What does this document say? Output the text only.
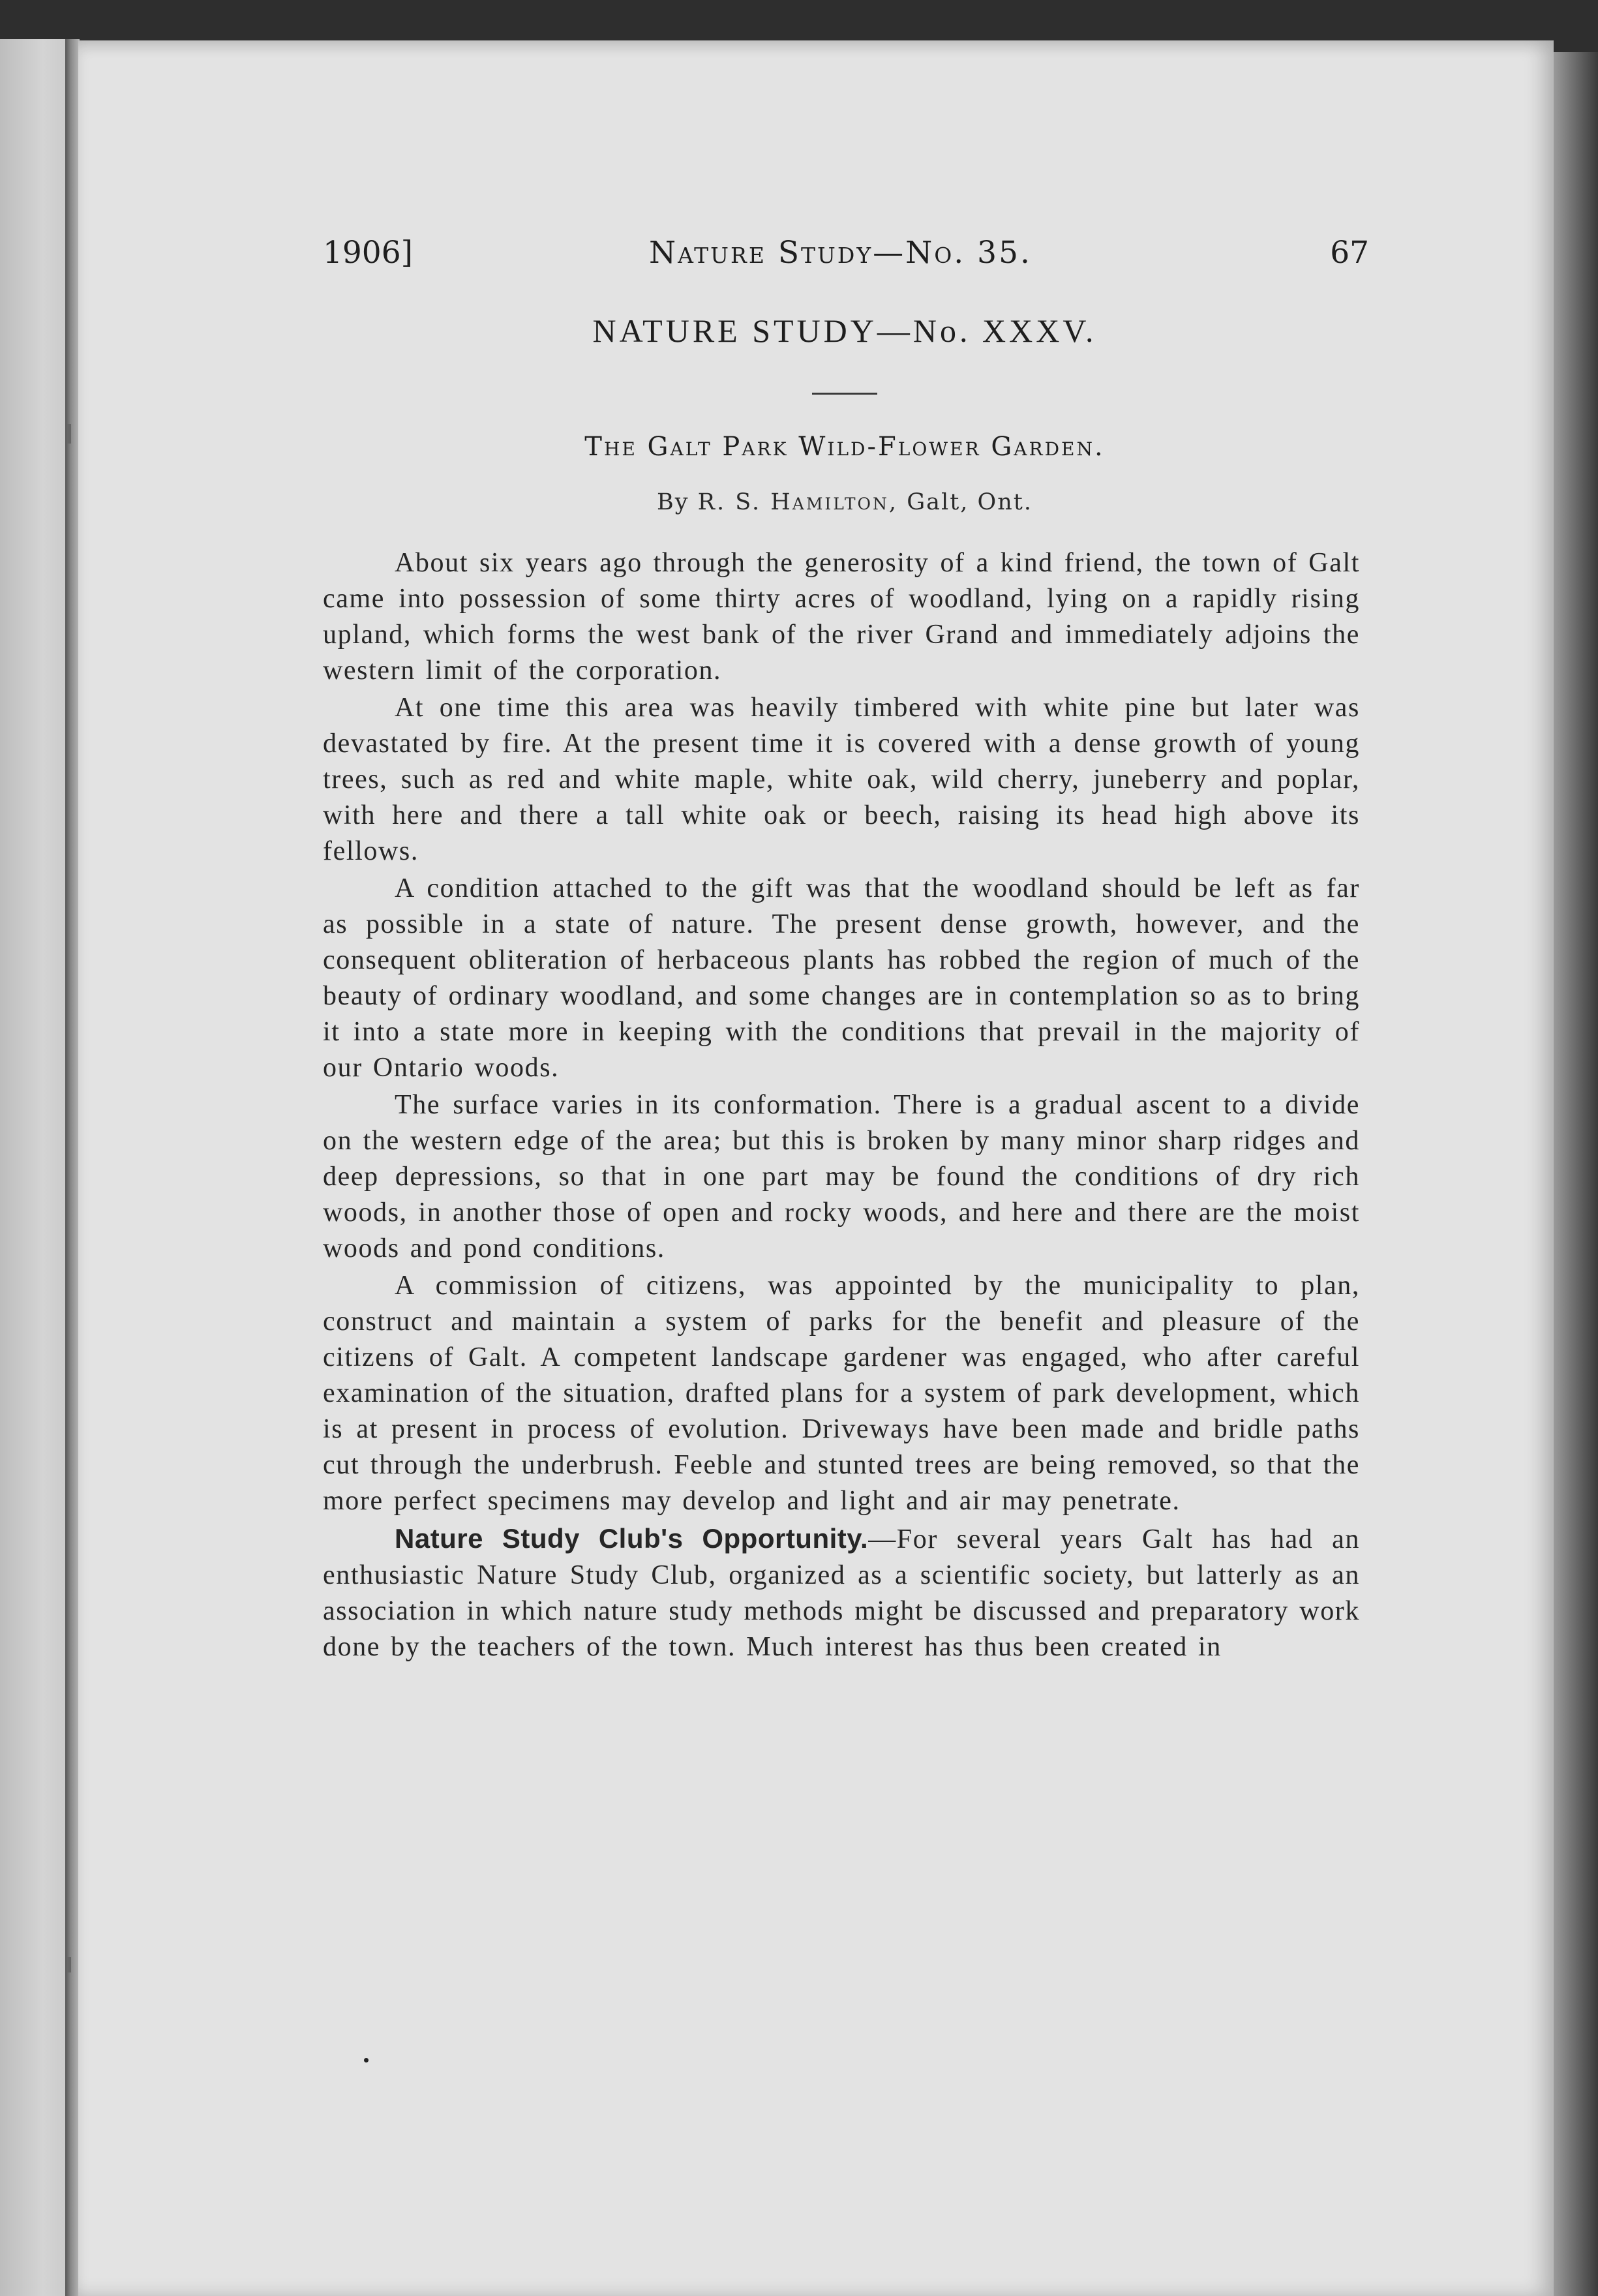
1906]	Nature Study—No. 35.	67
NATURE STUDY—No. XXXV.
The Galt Park Wild-Flower Garden.
By R. S. Hamilton, Galt, Ont.

About six years ago through the generosity of a kind friend, the town of Galt came into possession of some thirty acres of woodland, lying on a rapidly rising upland, which forms the west bank of the river Grand and immediately adjoins the western limit of the corporation.

At one time this area was heavily timbered with white pine but later was devastated by fire. At the present time it is covered with a dense growth of young trees, such as red and white maple, white oak, wild cherry, juneberry and poplar, with here and there a tall white oak or beech, raising its head high above its fellows.

A condition attached to the gift was that the woodland should be left as far as possible in a state of nature. The present dense growth, however, and the consequent obliteration of herbaceous plants has robbed the region of much of the beauty of ordinary woodland, and some changes are in contemplation so as to bring it into a state more in keeping with the conditions that prevail in the majority of our Ontario woods.

The surface varies in its conformation. There is a gradual ascent to a divide on the western edge of the area; but this is broken by many minor sharp ridges and deep depressions, so that in one part may be found the conditions of dry rich woods, in another those of open and rocky woods, and here and there are the moist woods and pond conditions.

A commission of citizens, was appointed by the municipality to plan, construct and maintain a system of parks for the benefit and pleasure of the citizens of Galt. A competent landscape gardener was engaged, who after careful examination of the situation, drafted plans for a system of park development, which is at present in process of evolution. Driveways have been made and bridle paths cut through the underbrush. Feeble and stunted trees are being removed, so that the more perfect specimens may develop and light and air may penetrate.

Nature Study Club's Opportunity.—For several years Galt has had an enthusiastic Nature Study Club, organized as a scientific society, but latterly as an association in which nature study methods might be discussed and preparatory work done by the teachers of the town. Much interest has thus been created in
